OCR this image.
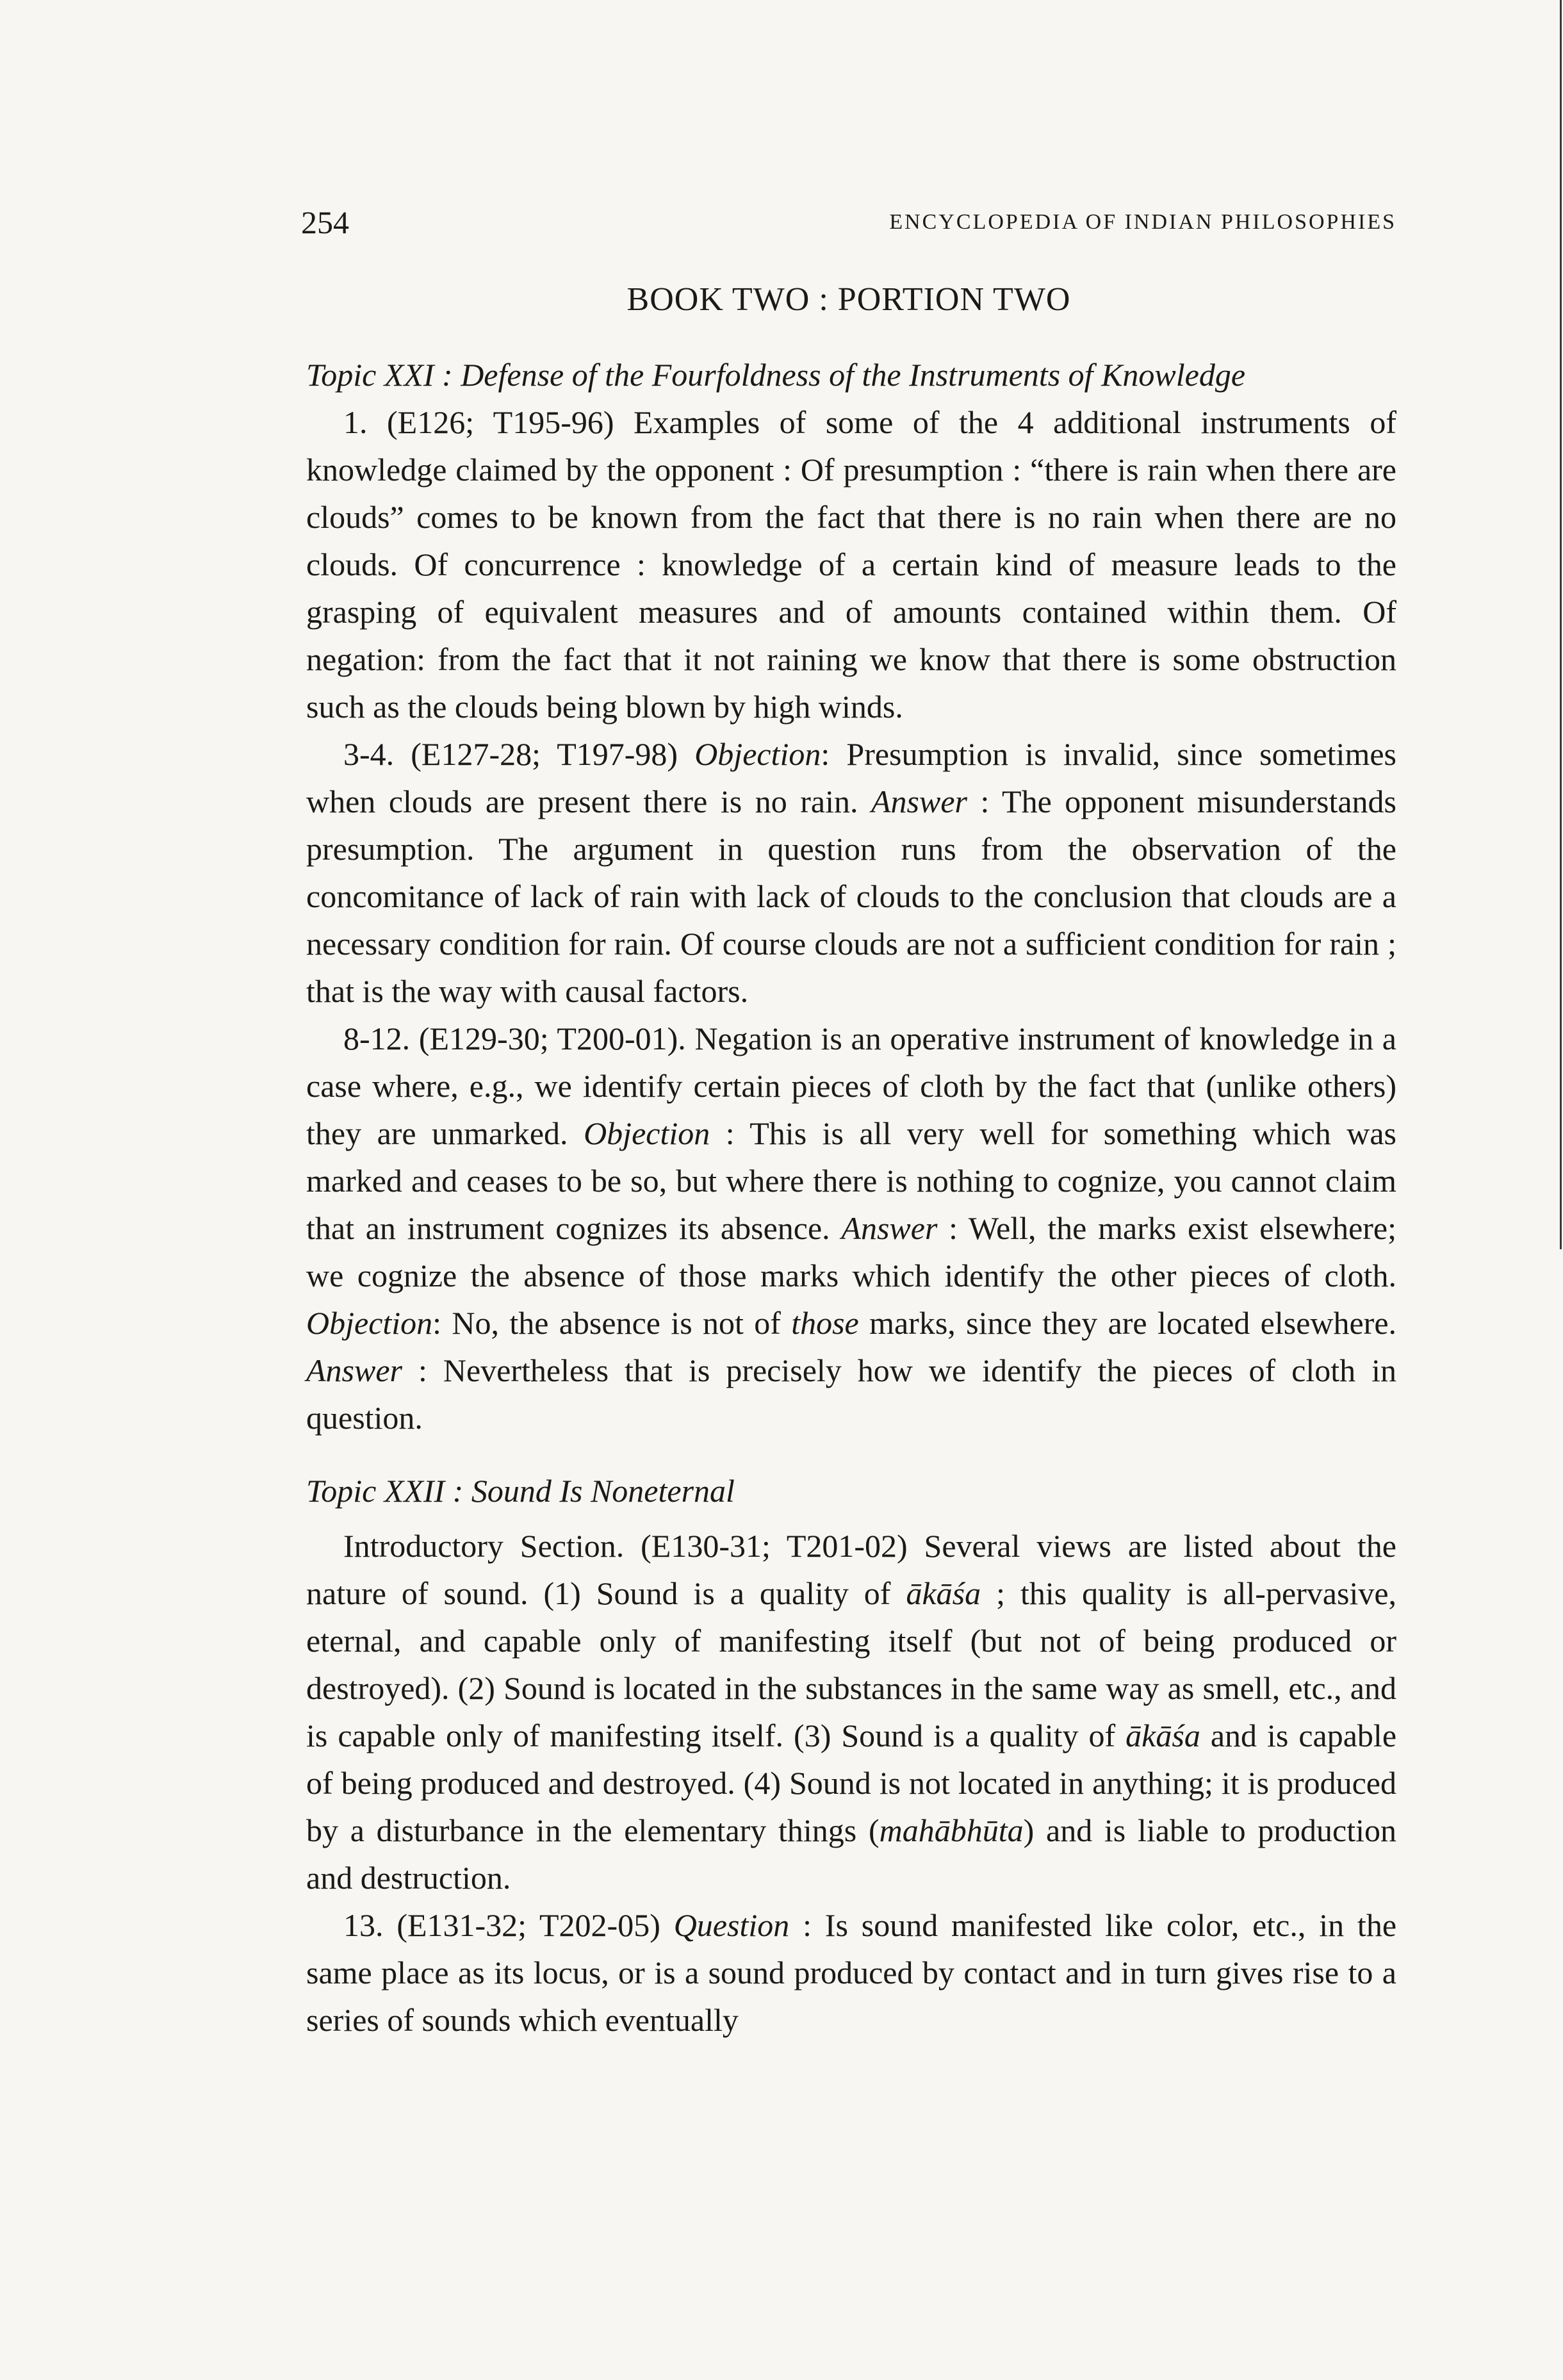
254	ENCYCLOPEDIA OF INDIAN PHILOSOPHIES
BOOK TWO : PORTION TWO

Topic XXI : Defense of the Fourfoldness of the Instruments of Knowledge

1. (E126; T195-96) Examples of some of the 4 additional instruments of knowledge claimed by the opponent : Of presumption : “there is rain when there are clouds” comes to be known from the fact that there is no rain when there are no clouds. Of concurrence : knowledge of a certain kind of measure leads to the grasping of equivalent measures and of amounts contained within them. Of negation: from the fact that it not raining we know that there is some obstruction such as the clouds being blown by high winds.

3-4. (E127-28; T197-98) Objection: Presumption is invalid, since sometimes when clouds are present there is no rain. Answer : The opponent misunderstands presumption. The argument in question runs from the observation of the concomitance of lack of rain with lack of clouds to the conclusion that clouds are a necessary condition for rain. Of course clouds are not a sufficient condition for rain ; that is the way with causal factors.

8-12. (E129-30; T200-01). Negation is an operative instrument of knowledge in a case where, e.g., we identify certain pieces of cloth by the fact that (unlike others) they are unmarked. Objection : This is all very well for something which was marked and ceases to be so, but where there is nothing to cognize, you cannot claim that an instrument cognizes its absence. Answer : Well, the marks exist elsewhere; we cognize the absence of those marks which identify the other pieces of cloth. Objection: No, the absence is not of those marks, since they are located elsewhere. Answer : Nevertheless that is precisely how we identify the pieces of cloth in question.

Topic XXII : Sound Is Noneternal

Introductory Section. (E130-31; T201-02) Several views are listed about the nature of sound. (1) Sound is a quality of ākāśa ; this quality is all-pervasive, eternal, and capable only of manifesting itself (but not of being produced or destroyed). (2) Sound is located in the substances in the same way as smell, etc., and is capable only of manifesting itself. (3) Sound is a quality of ākāśa and is capable of being produced and destroyed. (4) Sound is not located in anything; it is produced by a disturbance in the elementary things (mahābhūta) and is liable to production and destruction.

13. (E131-32; T202-05) Question : Is sound manifested like color, etc., in the same place as its locus, or is a sound produced by contact and in turn gives rise to a series of sounds which eventually
